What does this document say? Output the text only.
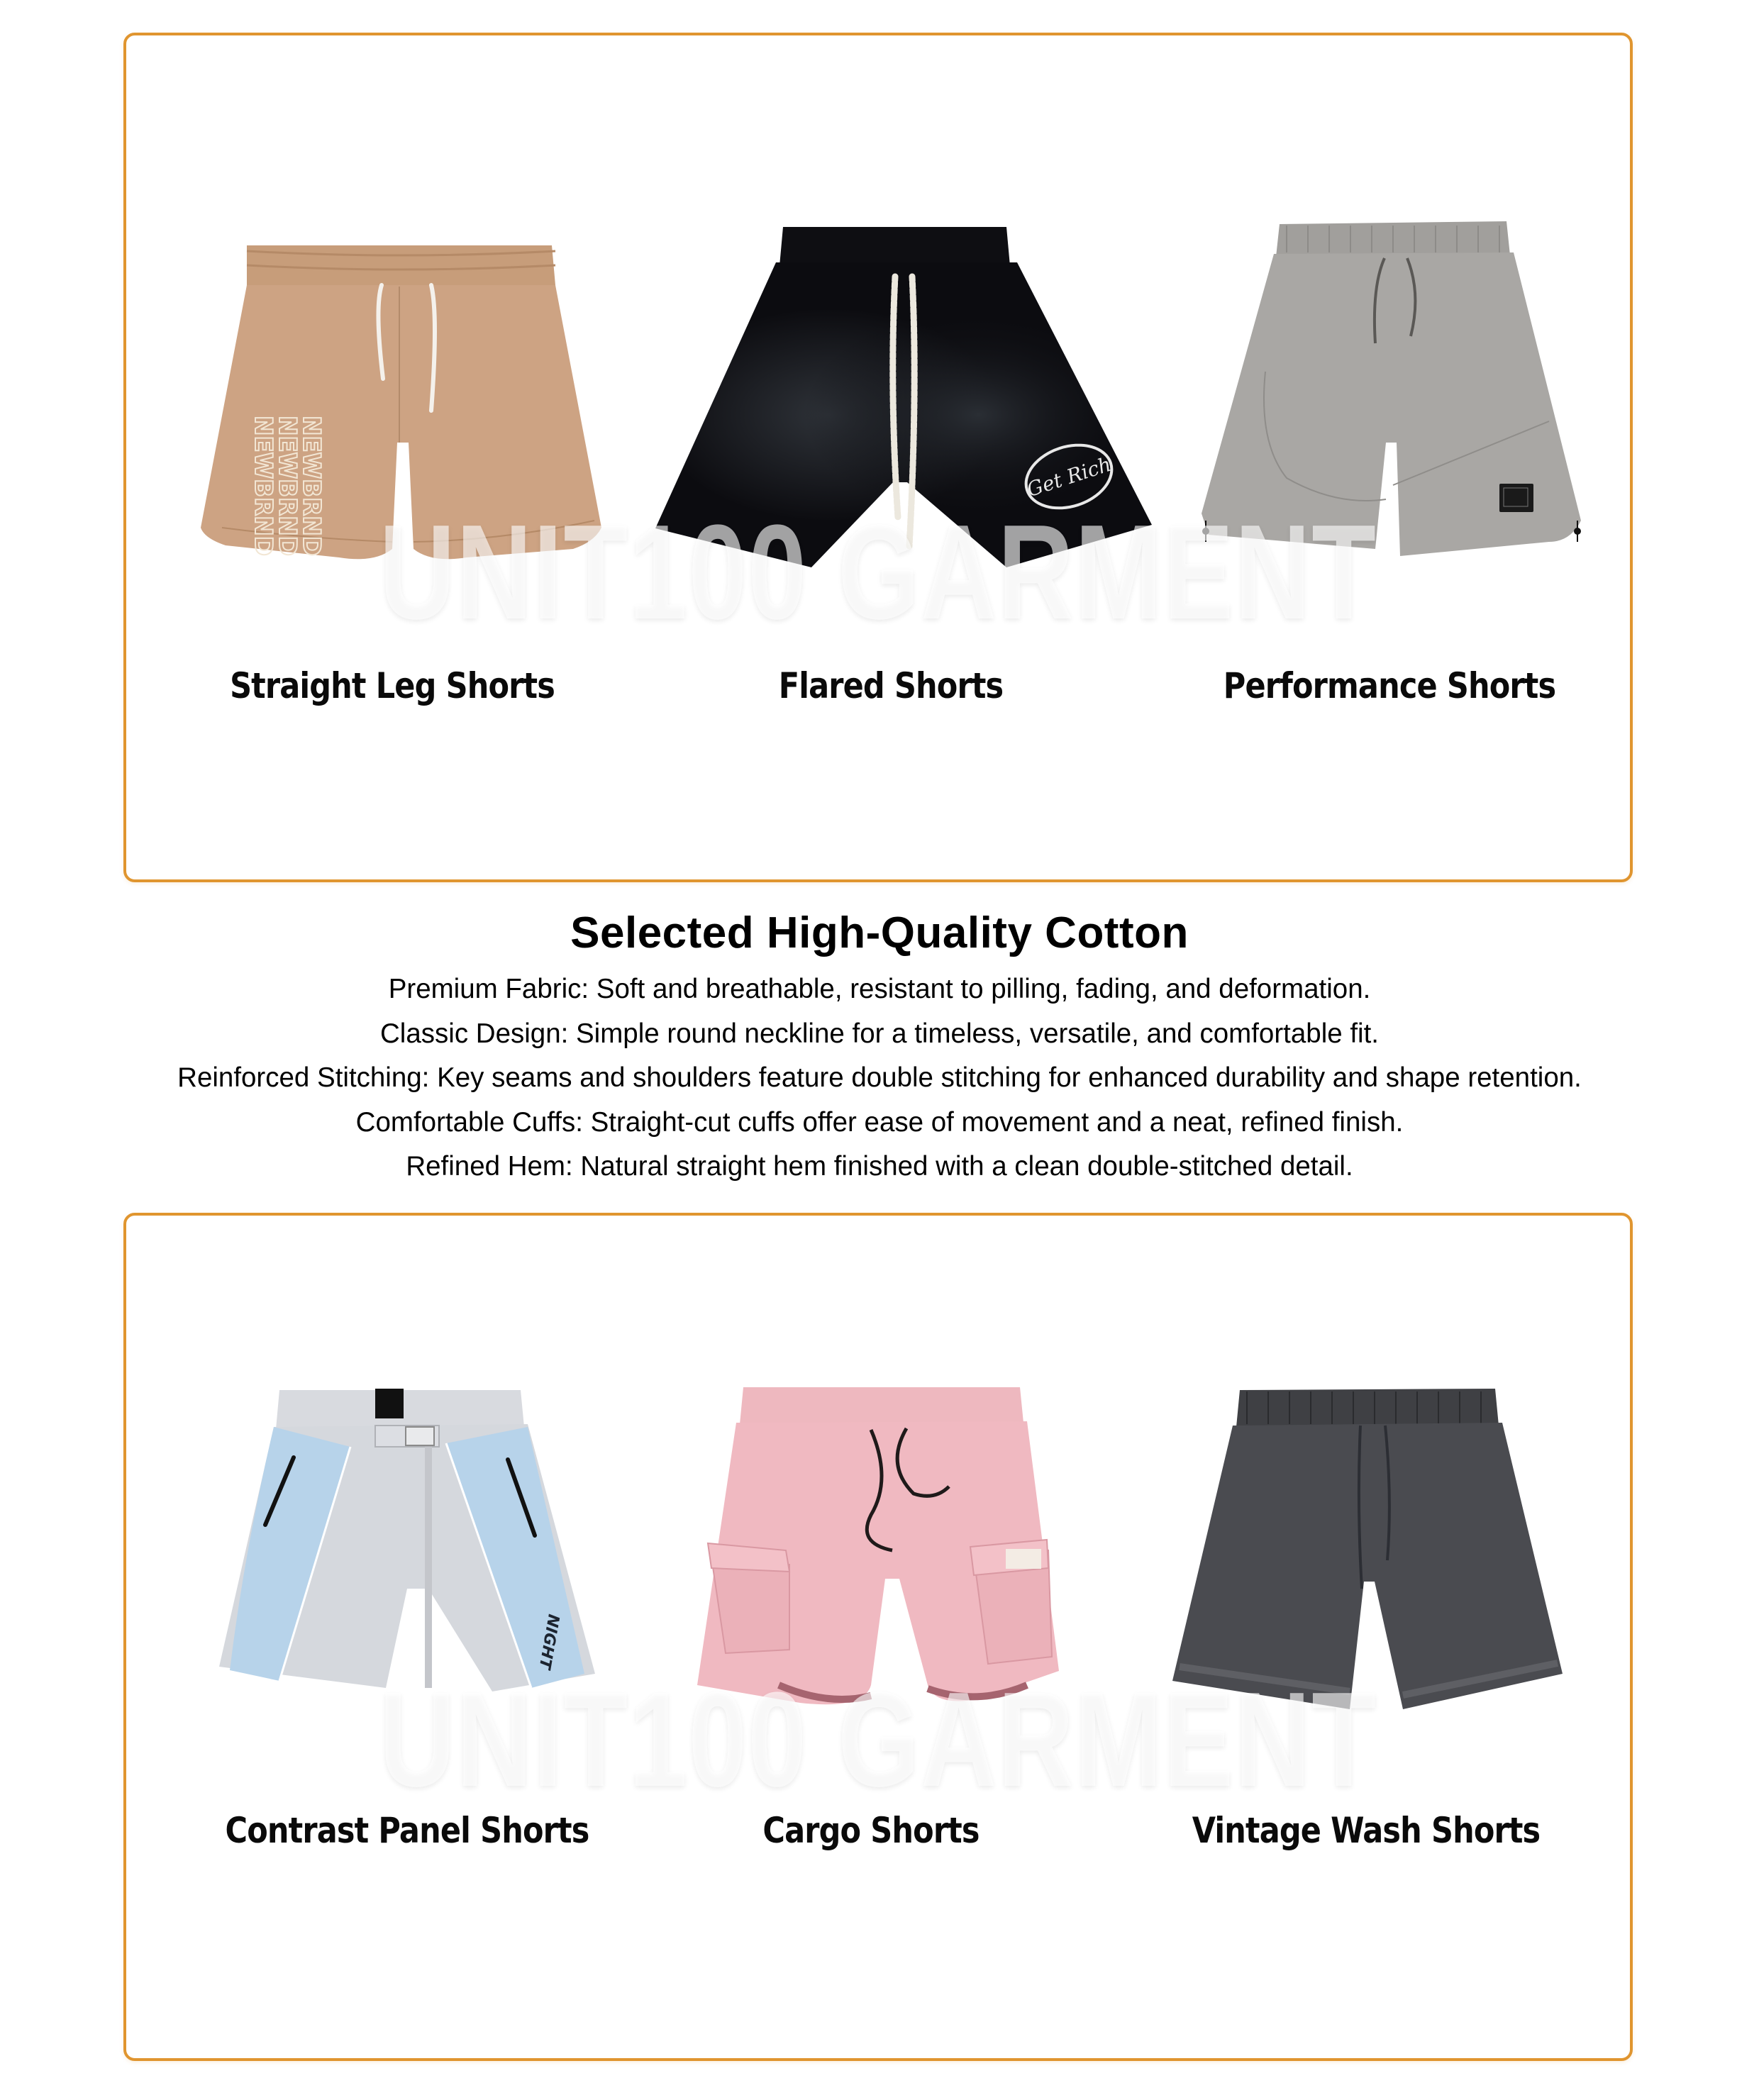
NEWBRND
NEWBRND
NEWBRND	Get Rich
UNIT100 GARMENT
Straight Leg Shorts	Flared Shorts	Performance Shorts
Selected High-Quality Cotton

Premium Fabric: Soft and breathable, resistant to pilling, fading, and deformation.

Classic Design: Simple round neckline for a timeless, versatile, and comfortable fit.

Reinforced Stitching: Key seams and shoulders feature double stitching for enhanced durability and shape retention.

Comfortable Cuffs: Straight-cut cuffs offer ease of movement and a neat, refined finish.

Refined Hem: Natural straight hem finished with a clean double-stitched detail.

NIGHT
UNIT100 GARMENT
Contrast Panel Shorts	Cargo Shorts	Vintage Wash Shorts
